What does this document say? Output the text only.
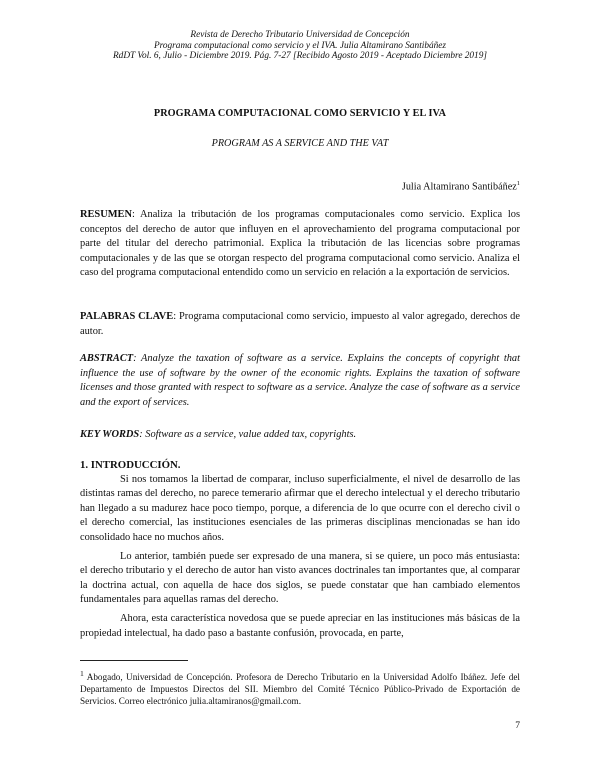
Revista de Derecho Tributario Universidad de Concepción
Programa computacional como servicio y el IVA. Julia Altamirano Santibáñez
RdDT Vol. 6, Julio - Diciembre 2019. Pág. 7-27 [Recibido Agosto 2019 - Aceptado Diciembre 2019]
PROGRAMA COMPUTACIONAL COMO SERVICIO Y EL IVA
PROGRAM AS A SERVICE AND THE VAT
Julia Altamirano Santibáñez$^1$
RESUMEN: Analiza la tributación de los programas computacionales como servicio. Explica los conceptos del derecho de autor que influyen en el aprovechamiento del programa computacional por parte del titular del derecho patrimonial. Explica la tributación de las licencias sobre programas computacionales y de las que se otorgan respecto del programa computacional como servicio. Analiza el caso del programa computacional entendido como un servicio en relación a la exportación de servicios.
PALABRAS CLAVE: Programa computacional como servicio, impuesto al valor agregado, derechos de autor.
ABSTRACT: Analyze the taxation of software as a service. Explains the concepts of copyright that influence the use of software by the owner of the economic rights. Explains the taxation of software licenses and those granted with respect to software as a service. Analyze the case of software as a service and the export of services.
KEY WORDS: Software as a service, value added tax, copyrights.
1. INTRODUCCIÓN.
Si nos tomamos la libertad de comparar, incluso superficialmente, el nivel de desarrollo de las distintas ramas del derecho, no parece temerario afirmar que el derecho intelectual y el derecho tributario han llegado a su madurez hace poco tiempo, porque, a diferencia de lo que ocurre con el derecho civil o el derecho comercial, las instituciones esenciales de las primeras disciplinas mencionadas se han ido consolidado hace no muchos años.
Lo anterior, también puede ser expresado de una manera, si se quiere, un poco más entusiasta: el derecho tributario y el derecho de autor han visto avances doctrinales tan importantes que, al comparar la doctrina actual, con aquella de hace dos siglos, se puede constatar que han cambiado elementos fundamentales para aquellas ramas del derecho.
Ahora, esta característica novedosa que se puede apreciar en las instituciones más básicas de la propiedad intelectual, ha dado paso a bastante confusión, provocada, en parte,
$^1$ Abogado, Universidad de Concepción. Profesora de Derecho Tributario en la Universidad Adolfo Ibáñez. Jefe del Departamento de Impuestos Directos del SII. Miembro del Comité Técnico Público-Privado de Exportación de Servicios. Correo electrónico julia.altamiranos@gmail.com.
7
